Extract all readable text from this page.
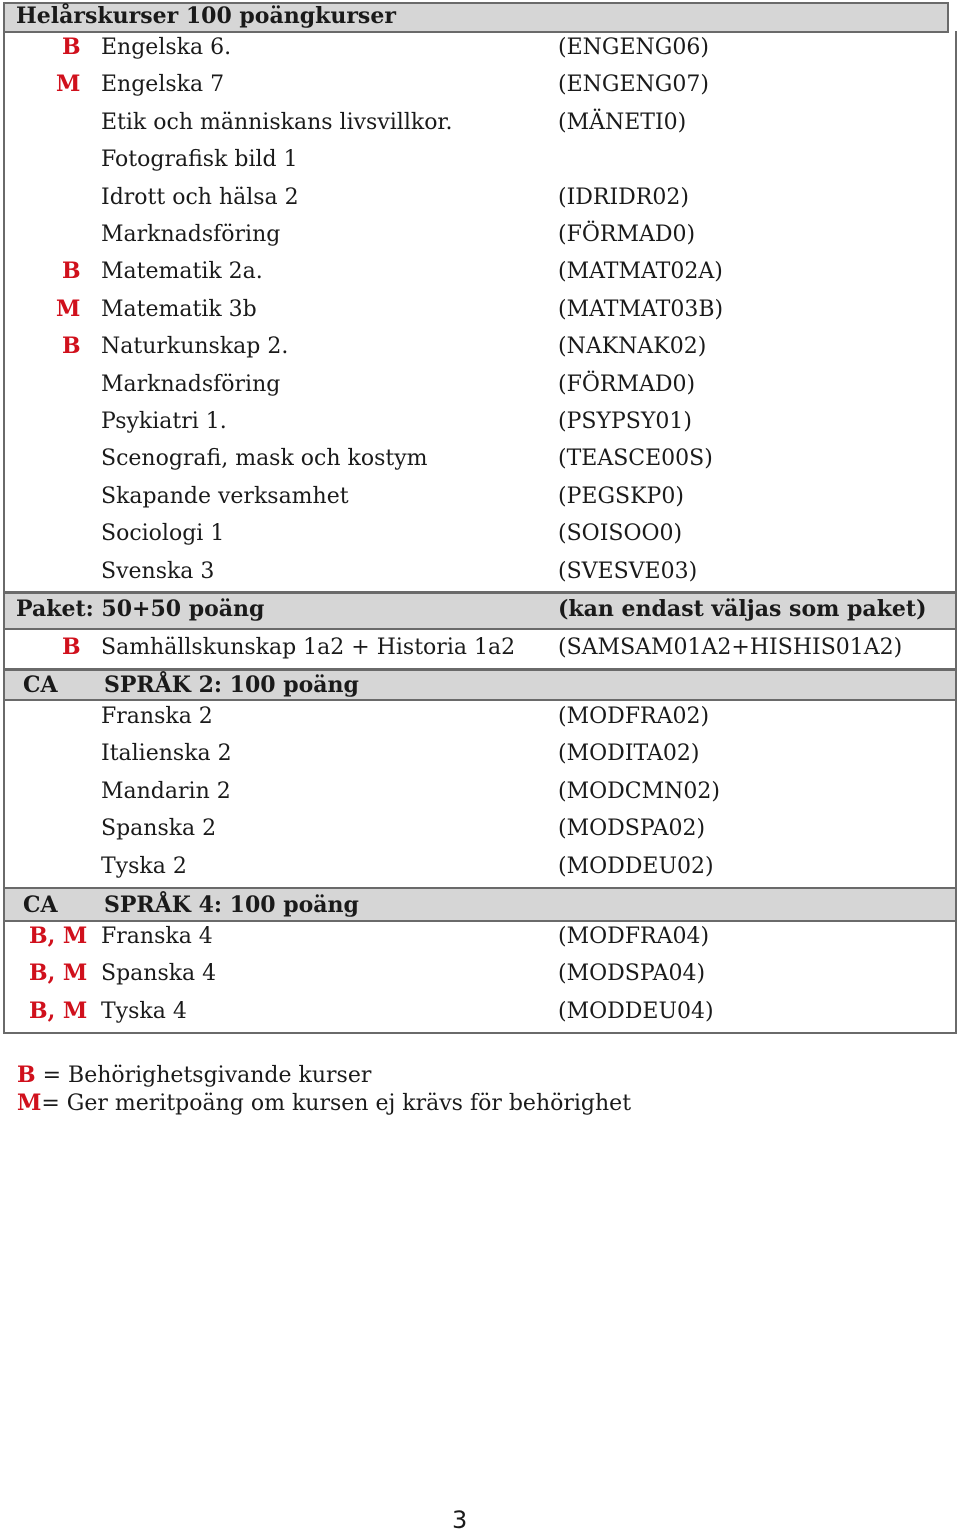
Helårskurser 100 poängkurser
B Engelska 6.	(ENGENG06)
M Engelska 7	(ENGENG07)
Etik och människans livsvillkor.	(MÄNETI0)
Fotografisk bild 1
Idrott och hälsa 2	(IDRIDR02)
Marknadsföring	(FÖRMAD0)
B Matematik 2a.	(MATMAT02A)
M Matematik 3b	(MATMAT03B)
B Naturkunskap 2.	(NAKNAK02)
Marknadsföring	(FÖRMAD0)
Psykiatri 1.	(PSYPSY01)
Scenografi, mask och kostym	(TEASCE00S)
Skapande verksamhet	(PEGSKP0)
Sociologi 1	(SOISOO0)
Svenska 3	(SVESVE03)
Paket: 50+50 poäng	(kan endast väljas som paket)
B Samhällskunskap 1a2 + Historia 1a2 (SAMSAM01A2+HISHIS01A2)
CA SPRÅK 2: 100 poäng
Franska 2	(MODFRA02)
Italienska 2	(MODITA02)
Mandarin 2	(MODCMN02)
Spanska 2	(MODSPA02)
Tyska 2	(MODDEU02)
CA SPRÅK 4: 100 poäng
B, M Franska 4	(MODFRA04)
B, M Spanska 4	(MODSPA04)
B, M Tyska 4	(MODDEU04)
B = Behörighetsgivande kurser
M= Ger meritpoäng om kursen ej krävs för behörighet
3
